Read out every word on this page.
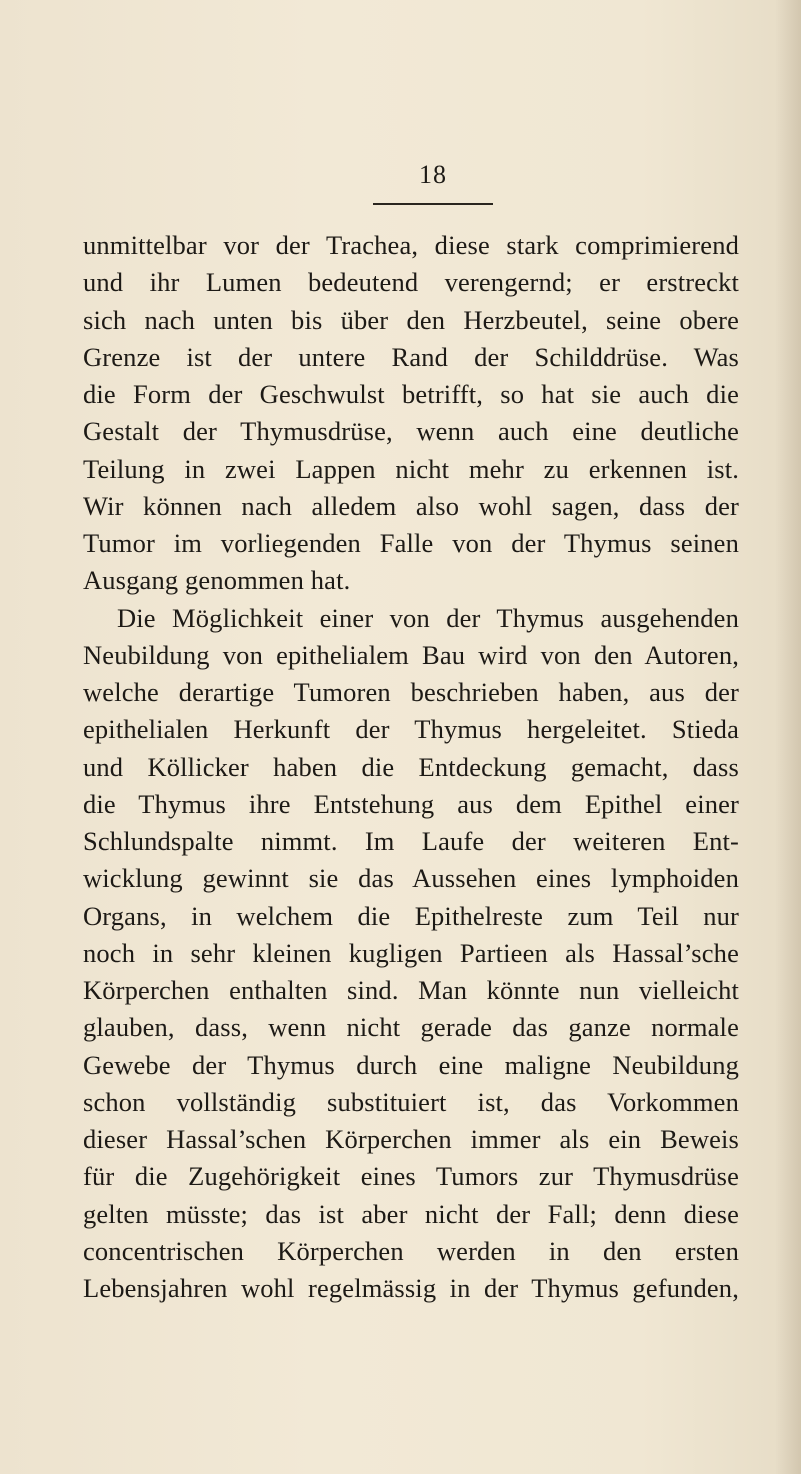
18
unmittelbar vor der Trachea, diese stark comprimierend
und ihr Lumen bedeutend verengernd; er erstreckt
sich nach unten bis über den Herzbeutel, seine obere
Grenze ist der untere Rand der Schilddrüse. Was
die Form der Geschwulst betrifft, so hat sie auch die
Gestalt der Thymusdrüse, wenn auch eine deutliche
Teilung in zwei Lappen nicht mehr zu erkennen ist.
Wir können nach alledem also wohl sagen, dass der
Tumor im vorliegenden Falle von der Thymus seinen
Ausgang genommen hat.
Die Möglichkeit einer von der Thymus ausgehenden
Neubildung von epithelialem Bau wird von den Autoren,
welche derartige Tumoren beschrieben haben, aus der
epithelialen Herkunft der Thymus hergeleitet. Stieda
und Köllicker haben die Entdeckung gemacht, dass
die Thymus ihre Entstehung aus dem Epithel einer
Schlundspalte nimmt. Im Laufe der weiteren Ent-
wicklung gewinnt sie das Aussehen eines lymphoiden
Organs, in welchem die Epithelreste zum Teil nur
noch in sehr kleinen kugligen Partieen als Hassal’sche
Körperchen enthalten sind. Man könnte nun vielleicht
glauben, dass, wenn nicht gerade das ganze normale
Gewebe der Thymus durch eine maligne Neubildung
schon vollständig substituiert ist, das Vorkommen
dieser Hassal’schen Körperchen immer als ein Beweis
für die Zugehörigkeit eines Tumors zur Thymusdrüse
gelten müsste; das ist aber nicht der Fall; denn diese
concentrischen Körperchen werden in den ersten
Lebensjahren wohl regelmässig in der Thymus gefunden,
